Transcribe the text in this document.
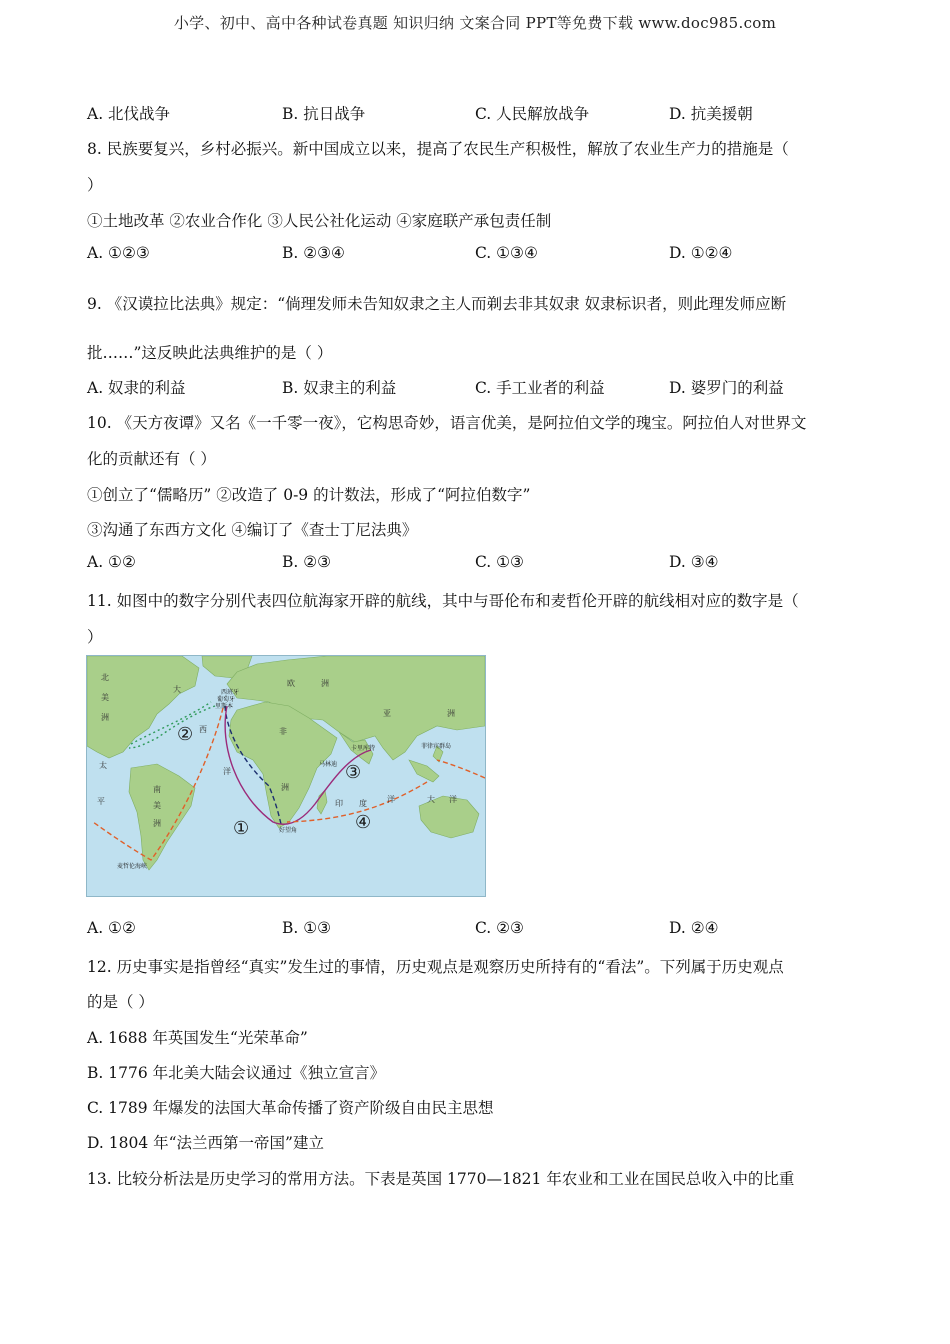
小学、初中、高中各种试卷真题 知识归纳 文案合同 PPT等免费下载 www.doc985.com
A. 北伐战争	B. 抗日战争	C. 人民解放战争	D. 抗美援朝
8. 民族要复兴，乡村必振兴。新中国成立以来，提高了农民生产积极性，解放了农业生产力的措施是（
）
①土地改革 ②农业合作化 ③人民公社化运动 ④家庭联产承包责任制
A. ①②③	B. ②③④	C. ①③④	D. ①②④
9. 《汉谟拉比法典》规定：“倘理发师未告知奴隶之主人而剃去非其奴隶 奴隶标识者，则此理发师应断
批……”这反映此法典维护的是（ ）
A. 奴隶的利益	B. 奴隶主的利益	C. 手工业者的利益	D. 婆罗门的利益
10. 《天方夜谭》又名《一千零一夜》，它构思奇妙，语言优美，是阿拉伯文学的瑰宝。阿拉伯人对世界文
化的贡献还有（ ）
①创立了“儒略历” ②改造了 0-9 的计数法，形成了“阿拉伯数字”
③沟通了东西方文化 ④编订了《查士丁尼法典》
A. ①②	B. ②③	C. ①③	D. ③④
11. 如图中的数字分别代表四位航海家开辟的航线，其中与哥伦布和麦哲伦开辟的航线相对应的数字是（
）
①
②
③
④
西班牙
葡萄牙
里斯本
卡里库特	菲律宾群岛
马林迪
好望角
麦哲伦海峡
北
美
洲
大
西
太
平
洋
南
美
洲
欧	洲
亚	洲
非
洲
印 度	洋	大 洋
A. ①②	B. ①③	C. ②③	D. ②④
12. 历史事实是指曾经“真实”发生过的事情，历史观点是观察历史所持有的“看法”。下列属于历史观点
的是（ ）
A. 1688 年英国发生“光荣革命”
B. 1776 年北美大陆会议通过《独立宣言》
C. 1789 年爆发的法国大革命传播了资产阶级自由民主思想
D. 1804 年“法兰西第一帝国”建立
13. 比较分析法是历史学习的常用方法。下表是英国 1770—1821 年农业和工业在国民总收入中的比重
